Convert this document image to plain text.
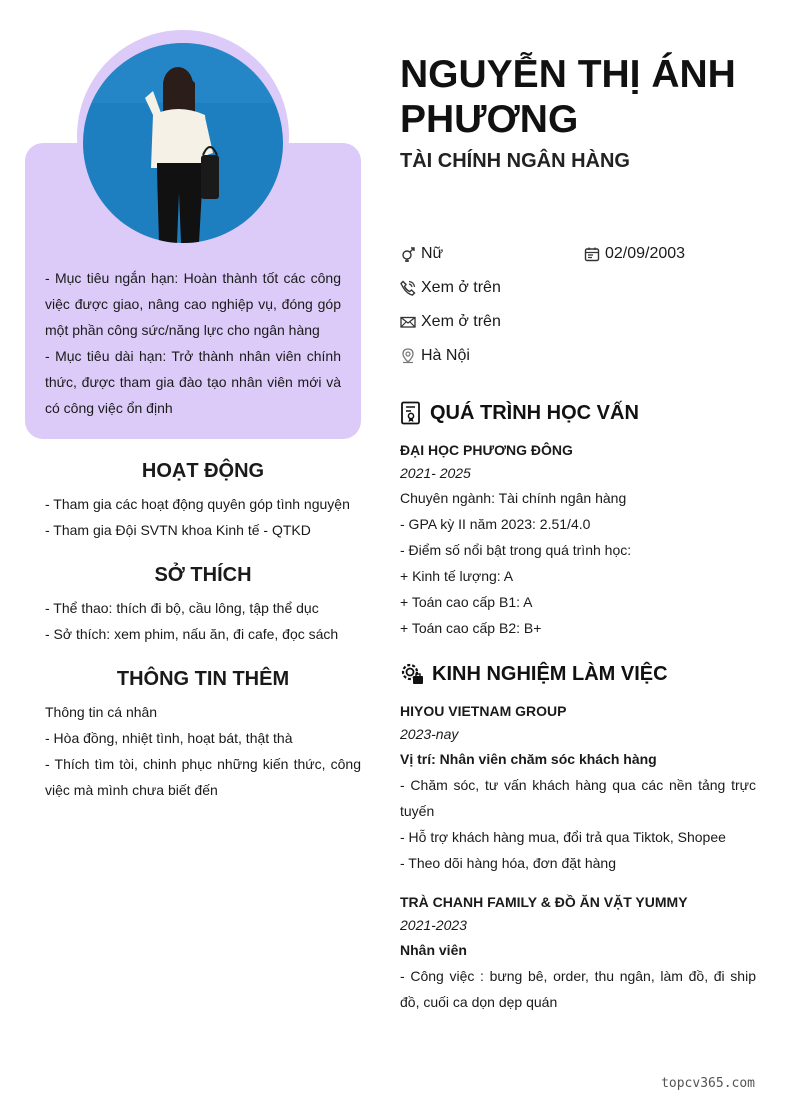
- Mục tiêu ngắn hạn: Hoàn thành tốt các công việc được giao, nâng cao nghiệp vụ, đóng góp một phần công sức/năng lực cho ngân hàng

- Mục tiêu dài hạn: Trở thành nhân viên chính thức, được tham gia đào tạo nhân viên mới và có công việc ổn định

HOẠT ĐỘNG

- Tham gia các hoạt động quyên góp tình nguyện

- Tham gia Đội SVTN khoa Kinh tế - QTKD

SỞ THÍCH

- Thể thao: thích đi bộ, cầu lông, tập thể dục

- Sở thích: xem phim, nấu ăn, đi cafe, đọc sách

THÔNG TIN THÊM

Thông tin cá nhân

- Hòa đồng, nhiệt tình, hoạt bát, thật thà

- Thích tìm tòi, chinh phục những kiến thức, công việc mà mình chưa biết đến

NGUYỄN THỊ ÁNH PHƯƠNG
TÀI CHÍNH NGÂN HÀNG
Nữ	02/09/2003
Xem ở trên
Xem ở trên
Hà Nội
QUÁ TRÌNH HỌC VẤN

ĐẠI HỌC PHƯƠNG ĐÔNG

2021- 2025

Chuyên ngành: Tài chính ngân hàng

- GPA kỳ II năm 2023: 2.51/4.0

- Điểm số nổi bật trong quá trình học:

+ Kinh tế lượng: A

+ Toán cao cấp B1: A

+ Toán cao cấp B2: B+

KINH NGHIỆM LÀM VIỆC

HIYOU VIETNAM GROUP

2023-nay

Vị trí: Nhân viên chăm sóc khách hàng

- Chăm sóc, tư vấn khách hàng qua các nền tảng trực tuyến

- Hỗ trợ khách hàng mua, đổi trả qua Tiktok, Shopee

- Theo dõi hàng hóa, đơn đặt hàng

TRÀ CHANH FAMILY & ĐỒ ĂN VẶT YUMMY

2021-2023

Nhân viên

- Công việc : bưng bê, order, thu ngân, làm đồ, đi ship đồ, cuối ca dọn dẹp quán

topcv365.com
